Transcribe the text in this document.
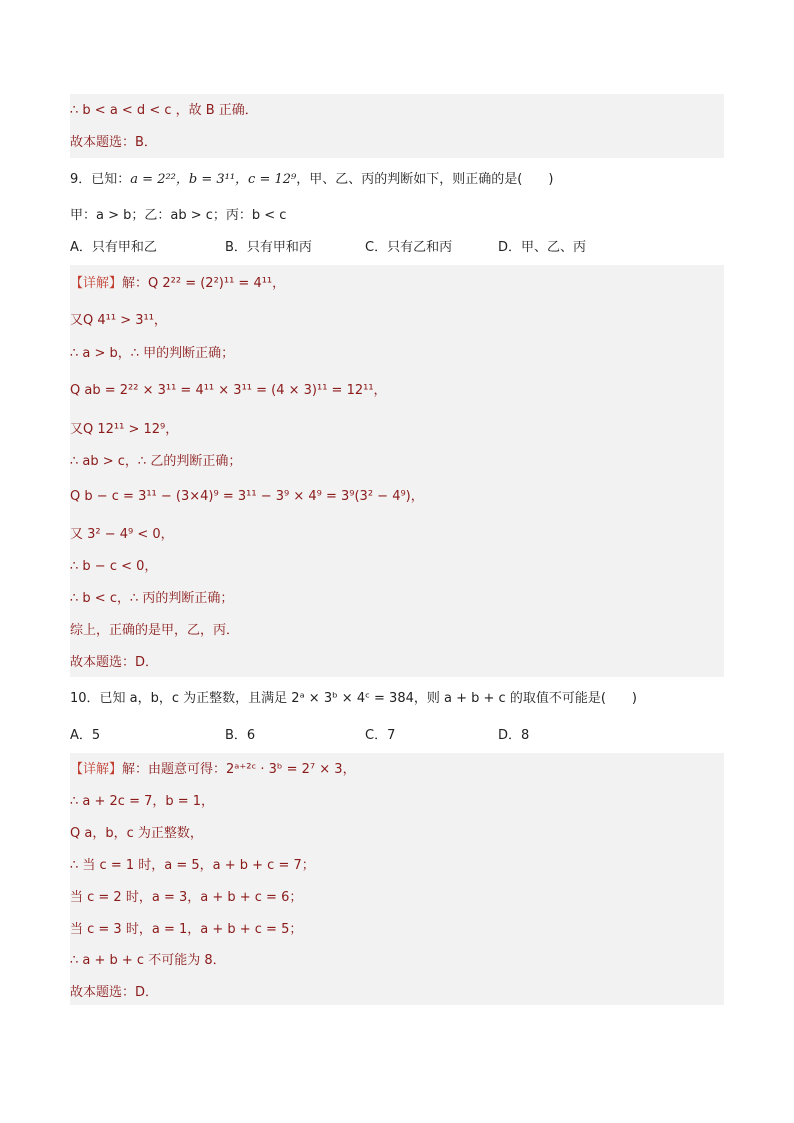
∴ b < a < d < c ，故 B 正确．
故本题选：B．
9．已知：a = 2²²，b = 3¹¹，c = 12⁹，甲、乙、丙的判断如下，则正确的是(　　)
甲：a > b；乙：ab > c；丙：b < c
A．只有甲和乙	B．只有甲和丙	C．只有乙和丙	D．甲、乙、丙
【详解】解：Q 2²² = (2²)¹¹ = 4¹¹，
又Q 4¹¹ > 3¹¹，
∴ a > b，∴ 甲的判断正确；
Q ab = 2²² × 3¹¹ = 4¹¹ × 3¹¹ = (4 × 3)¹¹ = 12¹¹，
又Q 12¹¹ > 12⁹，
∴ ab > c，∴ 乙的判断正确；
Q b − c = 3¹¹ − (3×4)⁹ = 3¹¹ − 3⁹ × 4⁹ = 3⁹(3² − 4⁹)，
又 3² − 4⁹ < 0，
∴ b − c < 0，
∴ b < c，∴ 丙的判断正确；
综上，正确的是甲，乙，丙．
故本题选：D．
10．已知 a，b，c 为正整数，且满足 2ᵃ × 3ᵇ × 4ᶜ = 384，则 a + b + c 的取值不可能是(　　)
A．5	B．6	C．7	D．8
【详解】解：由题意可得：2ᵃ⁺²ᶜ · 3ᵇ = 2⁷ × 3，
∴ a + 2c = 7，b = 1，
Q a，b，c 为正整数，
∴ 当 c = 1 时，a = 5，a + b + c = 7；
当 c = 2 时，a = 3，a + b + c = 6；
当 c = 3 时，a = 1，a + b + c = 5；
∴ a + b + c 不可能为 8．
故本题选：D．
